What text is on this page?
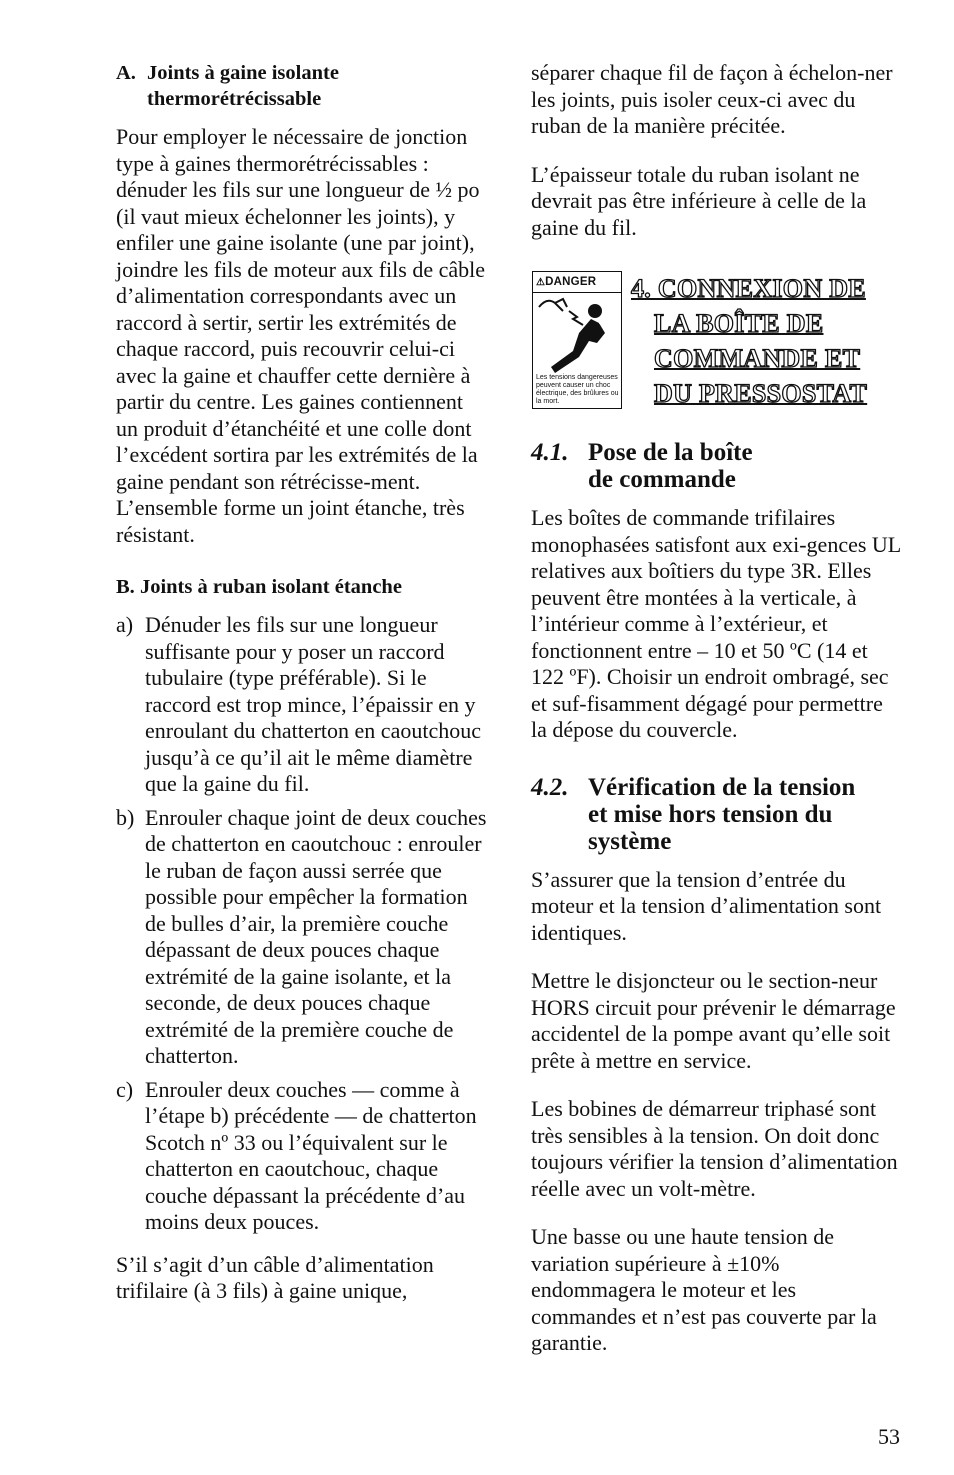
A. Joints à gaine isolante
thermorétrécissable

Pour employer le nécessaire de jonction type à gaines thermorétrécissables : dénuder les fils sur une longueur de ½ po (il vaut mieux échelonner les joints), y enfiler une gaine isolante (une par joint), joindre les fils de moteur aux fils de câble d’alimentation correspondants avec un raccord à sertir, sertir les extrémités de chaque raccord, puis recouvrir celui-ci avec la gaine et chauffer cette dernière à partir du centre. Les gaines contiennent un produit d’étanchéité et une colle dont l’excédent sortira par les extrémités de la gaine pendant son rétrécisse-ment. L’ensemble forme un joint étanche, très résistant.

B. Joints à ruban isolant étanche
a) Dénuder les fils sur une longueur suffisante pour y poser un raccord tubulaire (type préférable). Si le raccord est trop mince, l’épaissir en y enroulant du chatterton en caoutchouc jusqu’à ce qu’il ait le même diamètre que la gaine du fil.
b) Enrouler chaque joint de deux couches de chatterton en caoutchouc : enrouler le ruban de façon aussi serrée que possible pour empêcher la formation de bulles d’air, la première couche dépassant de deux pouces chaque extrémité de la gaine isolante, et la seconde, de deux pouces chaque extrémité de la première couche de chatterton.
c) Enrouler deux couches — comme à l’étape b) précédente — de chatterton Scotch nº 33 ou l’équivalent sur le chatterton en caoutchouc, chaque couche dépassant la précédente d’au moins deux pouces.

S’il s’agit d’un câble d’alimentation trifilaire (à 3 fils) à gaine unique,

séparer chaque fil de façon à échelon-ner les joints, puis isoler ceux-ci avec du ruban de la manière précitée.

L’épaisseur totale du ruban isolant ne devrait pas être inférieure à celle de la gaine du fil.

⚠DANGER
Les tensions dangereuses peuvent causer un choc électrique, des brûlures ou la mort.
4. CONNEXION DE
LA BOÎTE DE
COMMANDE ET
DU PRESSOSTAT
4.1. Pose de la boîte
de commande

Les boîtes de commande trifilaires monophasées satisfont aux exi-gences UL relatives aux boîtiers du type 3R. Elles peuvent être montées à la verticale, à l’intérieur comme à l’extérieur, et fonctionnent entre – 10 et 50 ºC (14 et 122 ºF). Choisir un endroit ombragé, sec et suf-fisamment dégagé pour permettre la dépose du couvercle.

4.2. Vérification de la tension
et mise hors tension du
système

S’assurer que la tension d’entrée du moteur et la tension d’alimentation sont identiques.

Mettre le disjoncteur ou le section-neur HORS circuit pour prévenir le démarrage accidentel de la pompe avant qu’elle soit prête à mettre en service.

Les bobines de démarreur triphasé sont très sensibles à la tension. On doit donc toujours vérifier la tension d’alimentation réelle avec un volt-mètre.

Une basse ou une haute tension de variation supérieure à ±10% endommagera le moteur et les commandes et n’est pas couverte par la garantie.

53
